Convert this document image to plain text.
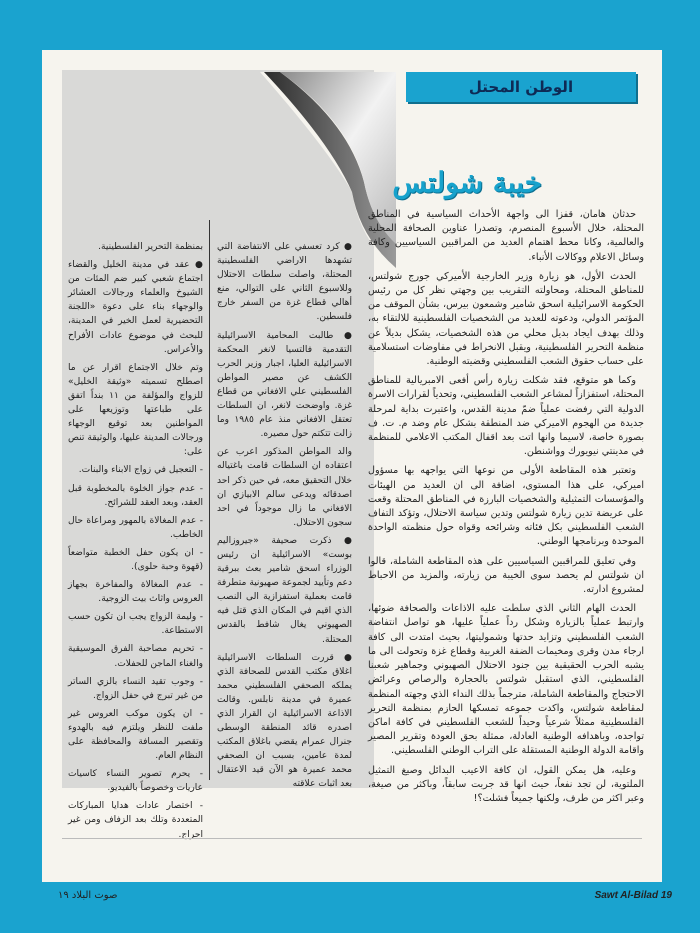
الوطن المحتل
خيبة شولتس

حدثان هامان، قفزا الى واجهة الأحداث السياسية في المناطق المحتلة، خلال الأسبوع المنصرم، وتصدرا عناوين الصحافة المحلية والعالمية، وكانا محط اهتمام العديد من المراقبين السياسيين وكافة وسائل الاعلام ووكالات الأنباء.

الحدث الأول، هو زيارة وزير الخارجية الأميركي جورج شولتس، للمناطق المحتلة، ومحاولته التقريب بين وجهتي نظر كل من رئيس الحكومة الاسرائيلية اسحق شامير وشمعون بيرس، بشأن الموقف من المؤتمر الدولي، ودعوته للعديد من الشخصيات الفلسطينية للالتقاء به، وذلك بهدف ايجاد بديل محلي من هذه الشخصيات، يشكل بديلاً عن منظمة التحرير الفلسطينية، ويقبل الانخراط في مفاوضات استسلامية على حساب حقوق الشعب الفلسطيني وقضيته الوطنية.

وكما هو متوقع، فقد شكلت زيارة رأس أفعى الامبريالية للمناطق المحتلة، استفزازاً لمشاعر الشعب الفلسطيني، وتحدياً لقرارات الاسرة الدولية التي رفضت عملياً ضمّ مدينة القدس، واعتبرت بداية لمرحلة جديدة من الهجوم الاميركي ضد المنطقة بشكل عام وضد م. ت. ف بصورة خاصة، لاسيما وانها اتت بعد اقفال المكتب الاعلامي للمنظمة في مدينتي نيويورك وواشنطن.

وتعتبر هذه المقاطعة الأولى من نوعها التي يواجهه بها مسؤول اميركي، على هذا المستوى، اضافة الى ان العديد من الهيئات والمؤسسات التمثيلية والشخصيات البارزة في المناطق المحتلة وقعت على عريضة تدين زيارة شولتس وتدين سياسة الاحتلال، وتؤكد التفاف الشعب الفلسطيني بكل فئاته وشرائحه وقواه حول منظمته الواحدة الموحدة وبرنامجها الوطني.

وفي تعليق للمراقبين السياسيين على هذه المقاطعة الشاملة، قالوا ان شولتس لم يحصد سوى الخيبة من زيارته، والمزيد من الاحباط لمشروع ادارته.

الحدث الهام الثاني الذي سلطت عليه الاذاعات والصحافة ضوئها، وارتبط عملياً بالزيارة وشكل رداً عملياً عليها، هو تواصل انتفاضة الشعب الفلسطيني وتزايد حدتها وشموليتها، بحيث امتدت الى كافة ارجاء مدن وقرى ومخيمات الضفة الغربية وقطاع غزة وتحولت الى ما يشبه الحرب الحقيقية بين جنود الاحتلال الصهيوني وجماهير شعبنا الفلسطيني، الذي استقبل شولتس بالحجارة والرصاص وعرائض الاحتجاج والمقاطعة الشاملة، مترجماً بذلك النداء الذي وجهته المنظمة لمقاطعة شولتس، واكدت جموعه تمسكها الحازم بمنظمة التحرير الفلسطينية ممثلاً شرعياً وحيداً للشعب الفلسطيني في كافة اماكن تواجده، وباهدافه الوطنية العادلة، ممثلة بحق العودة وتقرير المصير واقامة الدولة الوطنية المستقلة على التراب الوطني الفلسطيني.

وعليه، هل يمكن القول، ان كافة الاعيب البدائل وصيغ التمثيل الملتوية، لن تجد نفعاً، حيث انها قد جربت سابقاً، وباكثر من صيغة، وعبر اكثر من طرف، ولكنها جميعاً فشلت؟!

● كرد تعسفي على الانتفاضة التي تشهدها الاراضي الفلسطينية المحتلة، واصلت سلطات الاحتلال وللاسبوع الثاني على التوالي، منع أهالي قطاع غزة من السفر خارج فلسطين.

● طالبت المحامية الاسرائيلية التقدمية فالتسيا لانغر المحكمة الاسرائيلية العليا، اجبار وزير الحرب الكشف عن مصير المواطن الفلسطيني علي الافغاني من قطاع غزة. واوضحت لانغر، ان السلطات تعتقل الافغاني منذ عام ١٩٨٥ وما زالت تتكتم حول مصيره.

والد المواطن المذكور اعرب عن اعتقاده ان السلطات قامت باغتياله خلال التحقيق معه، في حين ذكر احد اصدقائه ويدعى سالم الابيازي ان الافغاني ما زال موجوداً في احد سجون الاحتلال.

● ذكرت صحيفة «جيروزاليم بوست» الاسرائيلية ان رئيس الوزراء اسحق شامير بعث ببرقية دعم وتأييد لجموعة صهيونية متطرفة قامت بعملية استفزازية الى النصب الذي اقيم في المكان الذي قتل فيه الصهيوني يغال شافط بالقدس المحتلة.

● قررت السلطات الاسرائيلية اغلاق مكتب القدس للصحافة الذي يملكه الصحفي الفلسطيني محمد عميرة في مدينة نابلس. وقالت الاذاعة الاسرائيلية ان القرار الذي اصدره قائد المنطقة الوسطى جنرال عمرام يقضي باغلاق المكتب لمدة عامين، بسبب ان الصحفي محمد عميرة هو الآن قيد الاعتقال بعد اثبات علاقته

بمنظمة التحرير الفلسطينية.

● عقد في مدينة الخليل والقضاء اجتماع شعبي كبير ضم المئات من الشيوخ والعلماء ورجالات العشائر والوجهاء بناء على دعوة «اللجنة التحضيرية لعمل الخير في المدينة، للبحث في موضوع عادات الأفراح والأعراس.

وتم خلال الاجتماع اقرار عن ما اصطلح تسميته «وثيقة الخليل» للزواج والمؤلفة من ١١ بنداً اتفق على طباعتها وتوزيعها على المواطنين بعد توقيع الوجهاء ورجالات المدينة عليها، والوثيقة تنص على:

- التعجيل في زواج الابناء والبنات.

- عدم جواز الخلوة بالمخطوبة قبل العقد، وبعد العقد للشرائح.

- عدم المغالاة بالمهور ومراعاة حال الخاطب.

- ان يكون حفل الخطبة متواضعاً (قهوة وحبة حلوى).

- عدم المغالاة والمفاخرة بجهاز العروس واثاث بيت الزوجية.

- وليمة الزواج يجب ان تكون حسب الاستطاعة.

- تحريم مصاحبة الفرق الموسيقية والغناء الماجن للحفلات.

- وجوب تقيد النساء بالزي الساتر من غير تبرج في حفل الزواج.

- ان يكون موكب العروس غير ملفت للنظر ويلتزم فيه بالهدوء وتقصير المسافة والمحافظة على النظام العام.

- يحرم تصوير النساء كاسيات عاريات وخصوصاً بالفيديو.

- اختصار عادات هدايا المباركات المتعددة وتلك بعد الزفاف ومن غير احراج.

Sawt Al-Bilad 19
صوت البلاد ١٩
